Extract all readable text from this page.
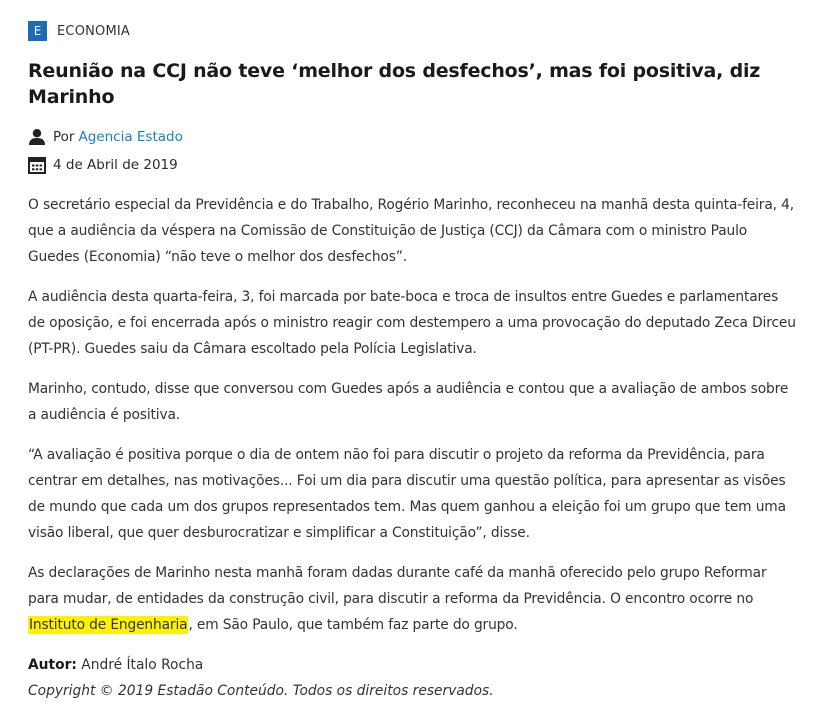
E	ECONOMIA
Reunião na CCJ não teve ‘melhor dos desfechos’, mas foi positiva, diz Marinho
Por Agencia Estado
4 de Abril de 2019

O secretário especial da Previdência e do Trabalho, Rogério Marinho, reconheceu na manhã desta quinta-feira, 4, que a audiência da véspera na Comissão de Constituição de Justiça (CCJ) da Câmara com o ministro Paulo Guedes (Economia) “não teve o melhor dos desfechos”.

A audiência desta quarta-feira, 3, foi marcada por bate-boca e troca de insultos entre Guedes e parlamentares de oposição, e foi encerrada após o ministro reagir com destempero a uma provocação do deputado Zeca Dirceu (PT-PR). Guedes saiu da Câmara escoltado pela Polícia Legislativa.

Marinho, contudo, disse que conversou com Guedes após a audiência e contou que a avaliação de ambos sobre a audiência é positiva.

“A avaliação é positiva porque o dia de ontem não foi para discutir o projeto da reforma da Previdência, para centrar em detalhes, nas motivações... Foi um dia para discutir uma questão política, para apresentar as visões de mundo que cada um dos grupos representados tem. Mas quem ganhou a eleição foi um grupo que tem uma visão liberal, que quer desburocratizar e simplificar a Constituição”, disse.

As declarações de Marinho nesta manhã foram dadas durante café da manhã oferecido pelo grupo Reformar para mudar, de entidades da construção civil, para discutir a reforma da Previdência. O encontro ocorre no Instituto de Engenharia, em São Paulo, que também faz parte do grupo.

Autor: André Ítalo Rocha
Copyright © 2019 Estadão Conteúdo. Todos os direitos reservados.
